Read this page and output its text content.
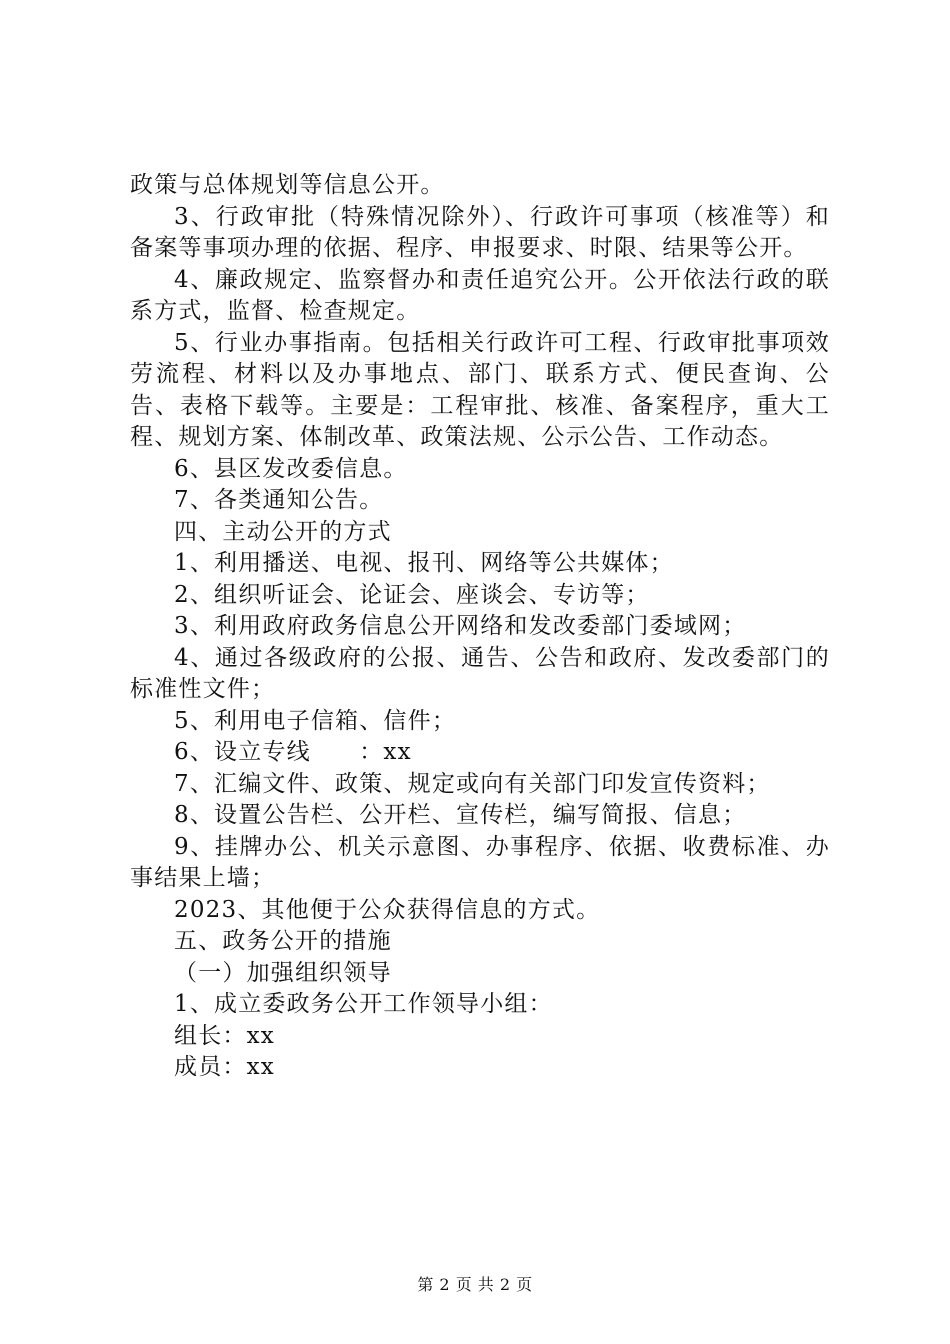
政策与总体规划等信息公开。

3、行政审批（特殊情况除外）、行政许可事项（核准等）和备案等事项办理的依据、程序、申报要求、时限、结果等公开。

4、廉政规定、监察督办和责任追究公开。公开依法行政的联系方式，监督、检查规定。

5、行业办事指南。包括相关行政许可工程、行政审批事项效劳流程、材料以及办事地点、部门、联系方式、便民查询、公告、表格下载等。主要是：工程审批、核准、备案程序，重大工程、规划方案、体制改革、政策法规、公示公告、工作动态。

6、县区发改委信息。

7、各类通知公告。

四、主动公开的方式

1、利用播送、电视、报刊、网络等公共媒体；

2、组织听证会、论证会、座谈会、专访等；

3、利用政府政务信息公开网络和发改委部门委域网；

4、通过各级政府的公报、通告、公告和政府、发改委部门的标准性文件；

5、利用电子信箱、信件；

6、设立专线　　：xx

7、汇编文件、政策、规定或向有关部门印发宣传资料；

8、设置公告栏、公开栏、宣传栏，编写简报、信息；

9、挂牌办公、机关示意图、办事程序、依据、收费标准、办事结果上墙；

2023、其他便于公众获得信息的方式。

五、政务公开的措施

（一）加强组织领导

1、成立委政务公开工作领导小组：

组长：xx

成员：xx

第 2 页 共 2 页
